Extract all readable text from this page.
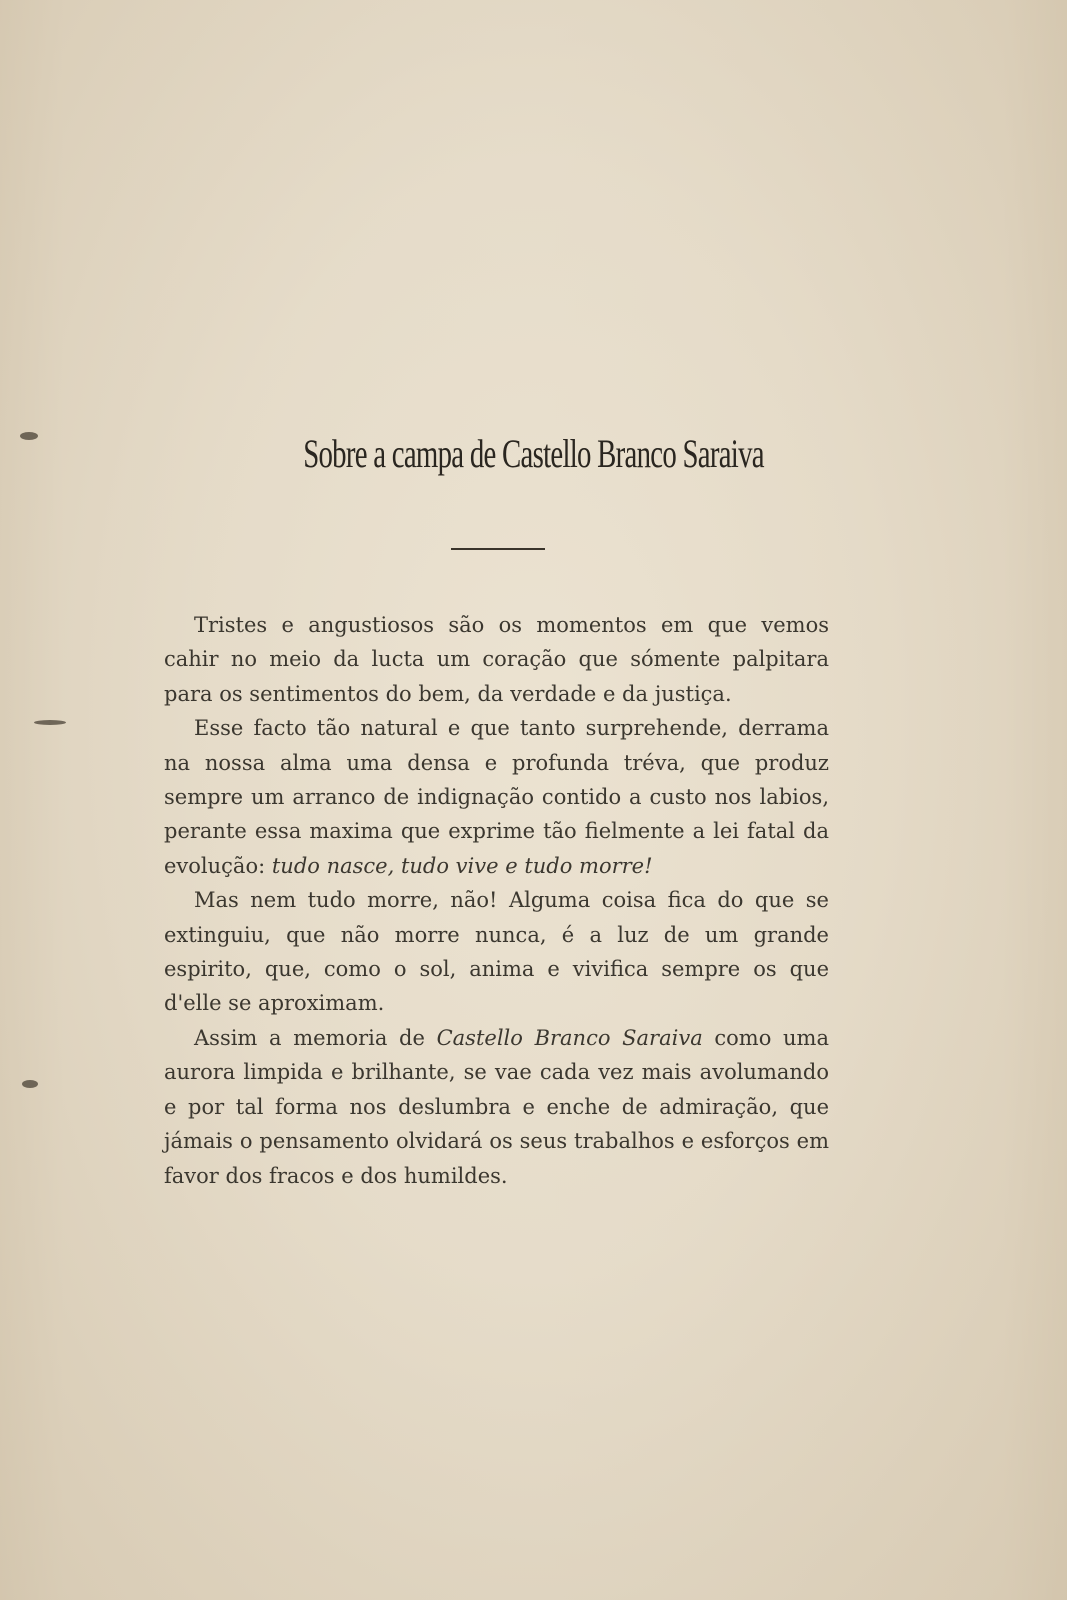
Sobre a campa de Castello Branco Saraiva

Tristes e angustiosos são os momentos em que vemos cahir no meio da lucta um coração que sómente palpitara para os sentimentos do bem, da verdade e da justiça.

Esse facto tão natural e que tanto surprehende, derrama na nossa alma uma densa e profunda tréva, que produz sempre um arranco de indignação contido a custo nos labios, perante essa maxima que exprime tão fielmente a lei fatal da evolução: tudo nasce, tudo vive e tudo morre!

Mas nem tudo morre, não! Alguma coisa fica do que se extinguiu, que não morre nunca, é a luz de um grande espirito, que, como o sol, anima e vivifica sempre os que d'elle se aproximam.

Assim a memoria de Castello Branco Saraiva como uma aurora limpida e brilhante, se vae cada vez mais avolumando e por tal forma nos deslumbra e enche de admiração, que jámais o pensamento olvidará os seus trabalhos e esforços em favor dos fracos e dos humildes.
